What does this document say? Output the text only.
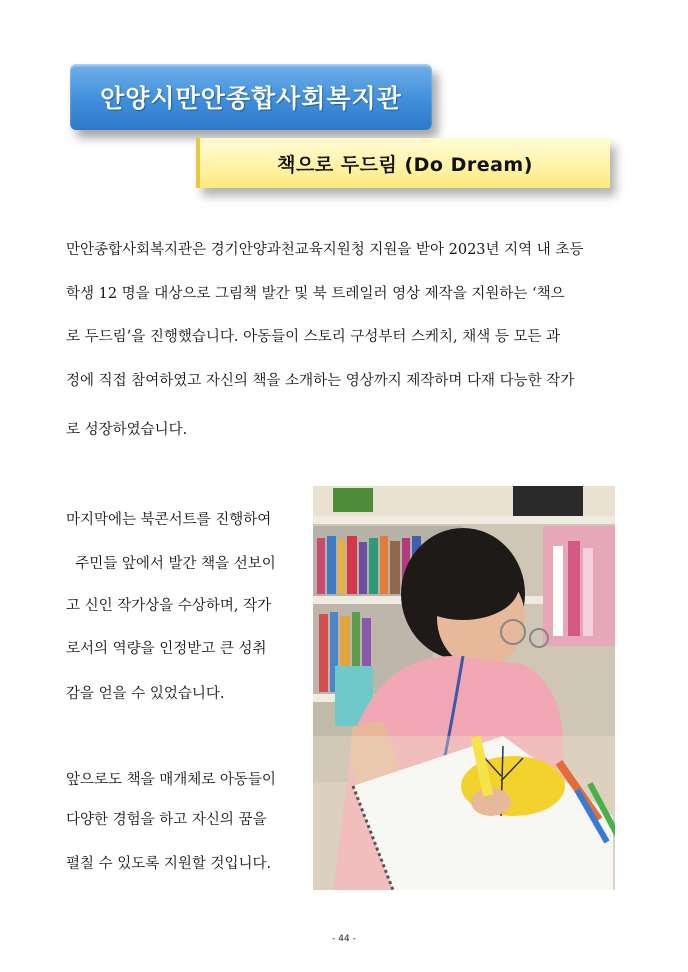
안양시만안종합사회복지관
책으로 두드림 (Do Dream)
만안종합사회복지관은 경기안양과천교육지원청 지원을 받아 2023년 지역 내 초등
학생 12 명을 대상으로 그림책 발간 및 북 트레일러 영상 제작을 지원하는 ‘책으
로 두드림’을 진행했습니다. 아동들이 스토리 구성부터 스케치, 채색 등 모든 과
정에 직접 참여하였고 자신의 책을 소개하는 영상까지 제작하며 다재 다능한 작가
로 성장하였습니다.
마지막에는 북콘서트를 진행하여
주민들 앞에서 발간 책을 선보이
고 신인 작가상을 수상하며, 작가
로서의 역량을 인정받고 큰 성취
감을 얻을 수 있었습니다.
앞으로도 책을 매개체로 아동들이
다양한 경험을 하고 자신의 꿈을
펼칠 수 있도록 지원할 것입니다.
- 44 -
